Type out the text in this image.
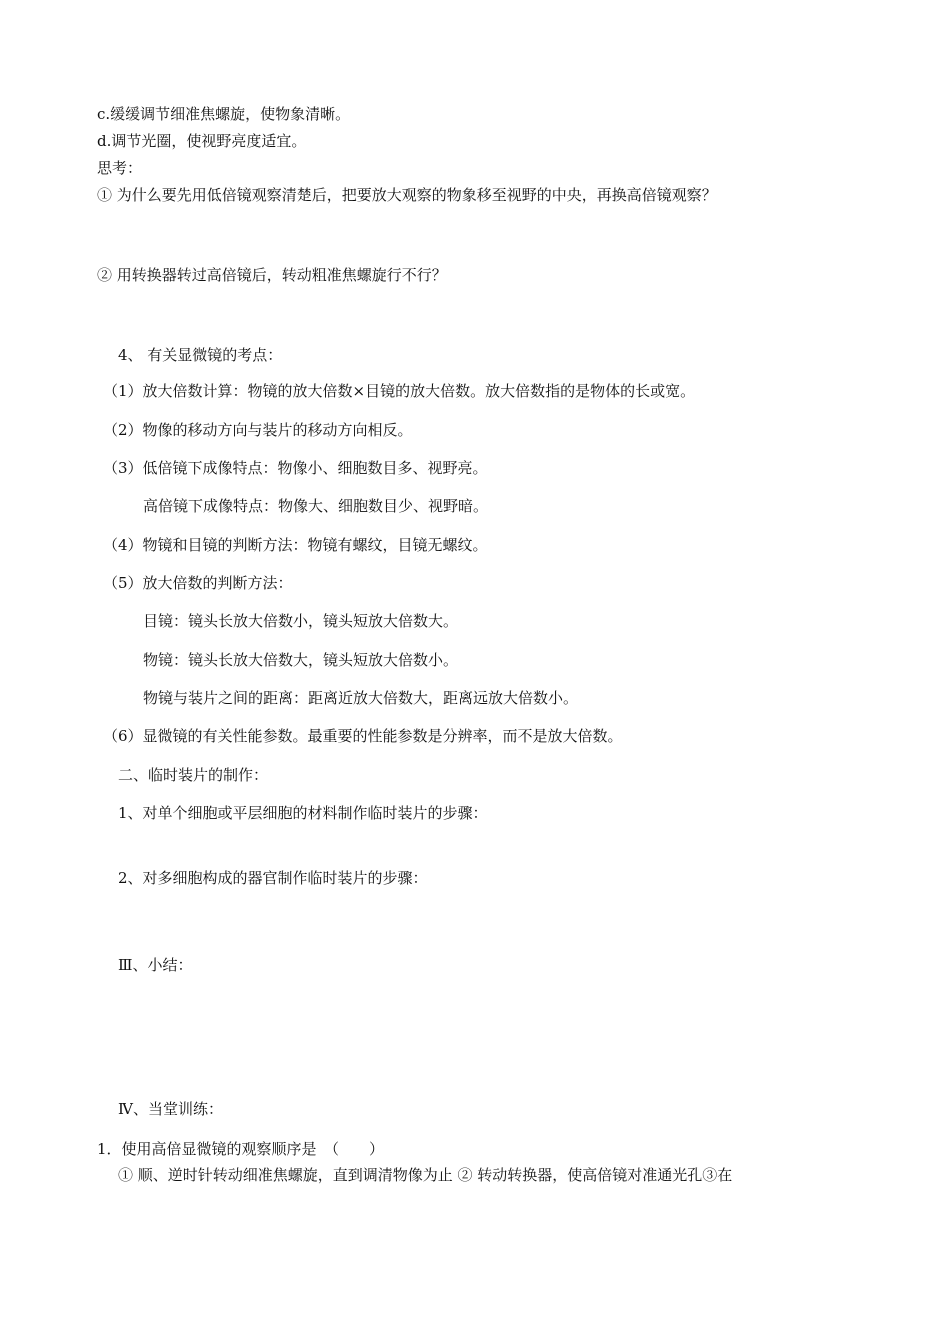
c.缓缓调节细准焦螺旋，使物象清晰。
d.调节光圈，使视野亮度适宜。
思考：
① 为什么要先用低倍镜观察清楚后，把要放大观察的物象移至视野的中央，再换高倍镜观察？
② 用转换器转过高倍镜后，转动粗准焦螺旋行不行？
4、 有关显微镜的考点：
（1）放大倍数计算：物镜的放大倍数×目镜的放大倍数。放大倍数指的是物体的长或宽。
（2）物像的移动方向与装片的移动方向相反。
（3）低倍镜下成像特点：物像小、细胞数目多、视野亮。
高倍镜下成像特点：物像大、细胞数目少、视野暗。
（4）物镜和目镜的判断方法：物镜有螺纹，目镜无螺纹。
（5）放大倍数的判断方法：
目镜：镜头长放大倍数小，镜头短放大倍数大。
物镜：镜头长放大倍数大，镜头短放大倍数小。
物镜与装片之间的距离：距离近放大倍数大，距离远放大倍数小。
（6）显微镜的有关性能参数。最重要的性能参数是分辨率，而不是放大倍数。
二、临时装片的制作：
1、对单个细胞或平层细胞的材料制作临时装片的步骤：
2、对多细胞构成的器官制作临时装片的步骤：
Ⅲ、小结：
Ⅳ、当堂训练：
1．使用高倍显微镜的观察顺序是　（　　）
① 顺、逆时针转动细准焦螺旋，直到调清物像为止 ② 转动转换器，使高倍镜对准通光孔③在
